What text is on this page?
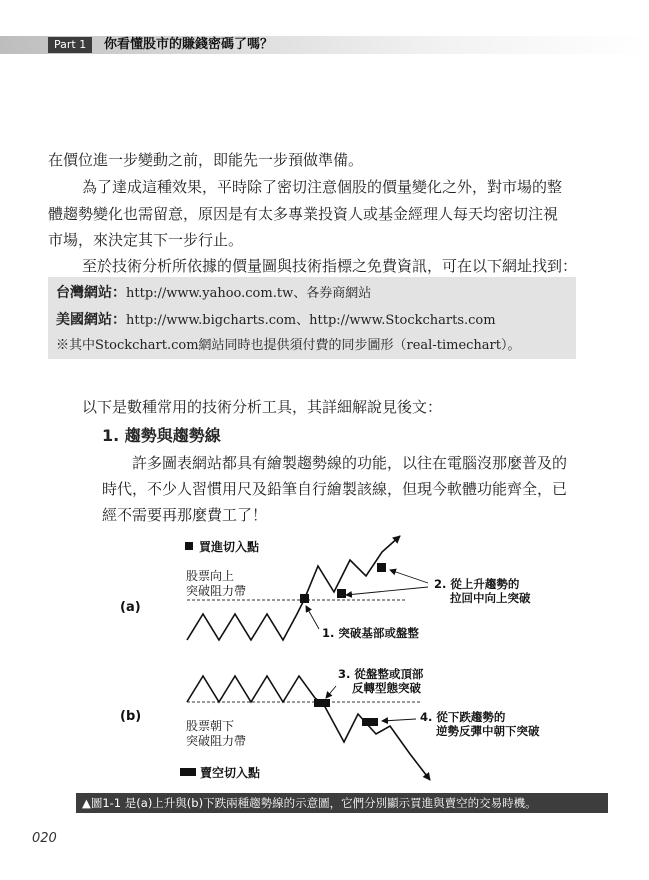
Part 1	你看懂股市的賺錢密碼了嗎？
在價位進一步變動之前，即能先一步預做準備。
為了達成這種效果，平時除了密切注意個股的價量變化之外，對市場的整
體趨勢變化也需留意，原因是有太多專業投資人或基金經理人每天均密切注視
市場，來決定其下一步行止。
至於技術分析所依據的價量圖與技術指標之免費資訊，可在以下網址找到：
台灣網站：http://www.yahoo.com.tw、各券商網站
美國網站：http://www.bigcharts.com、http://www.Stockcharts.com
※其中Stockchart.com網站同時也提供須付費的同步圖形（real-timechart）。
以下是數種常用的技術分析工具，其詳細解說見後文：
1. 趨勢與趨勢線
許多圖表網站都具有繪製趨勢線的功能，以往在電腦沒那麼普及的
時代，不少人習慣用尺及鉛筆自行繪製該線，但現今軟體功能齊全，已
經不需要再那麼費工了！
買進切入點
(a)
股票向上
突破阻力帶
1. 突破基部或盤整
2. 從上升趨勢的
拉回中向上突破
3. 從盤整或頂部
反轉型態突破
(b)
股票朝下
突破阻力帶
4. 從下跌趨勢的
逆勢反彈中朝下突破
賣空切入點
▲圖1-1 是(a)上升與(b)下跌兩種趨勢線的示意圖，它們分別顯示買進與賣空的交易時機。
020
